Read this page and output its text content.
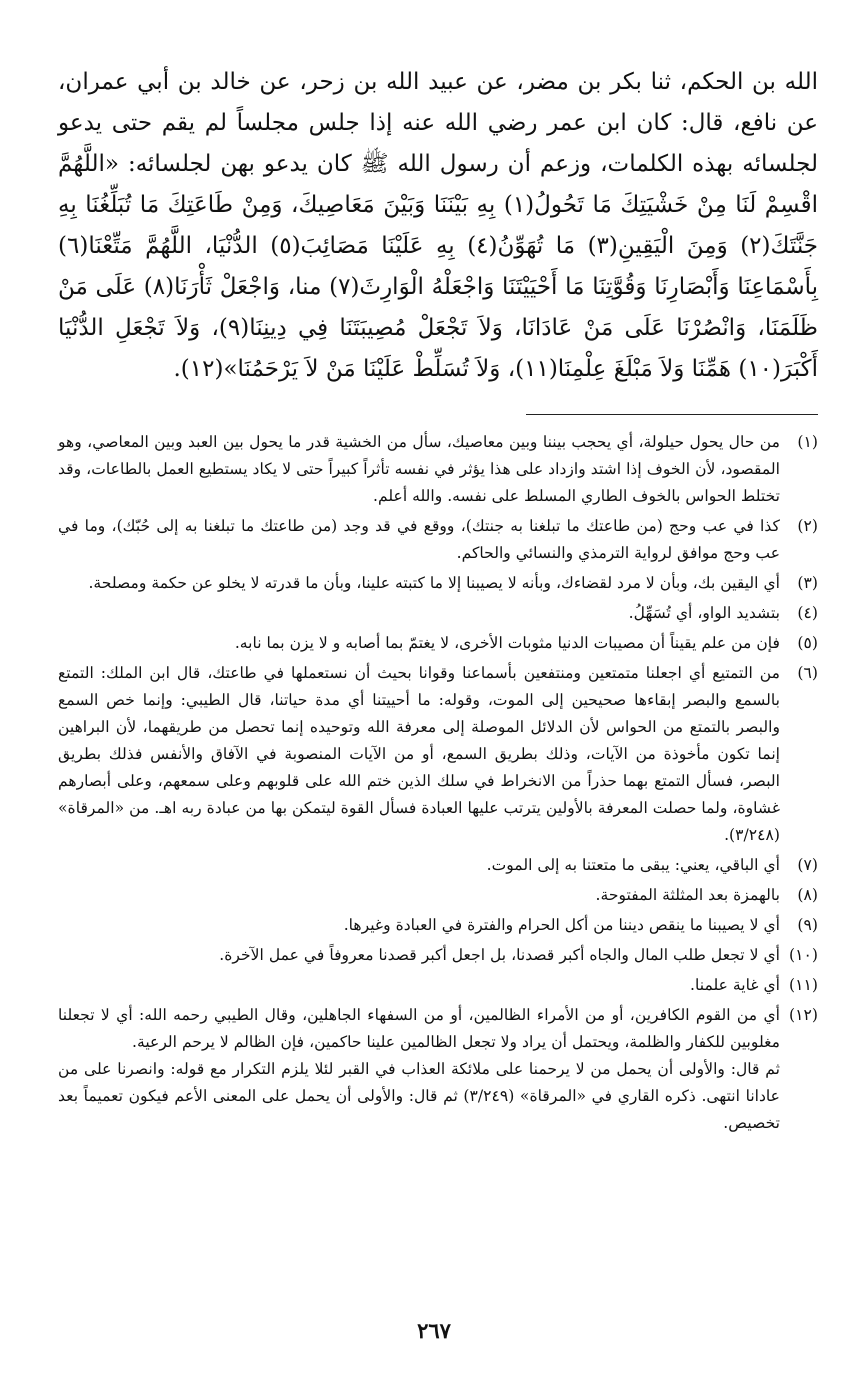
الله بن الحكم، ثنا بكر بن مضر، عن عبيد الله بن زحر، عن خالد بن أبي عمران، عن نافع، قال: كان ابن عمر رضي الله عنه إذا جلس مجلساً لم يقم حتى يدعو لجلسائه بهذه الكلمات، وزعم أن رسول الله ﷺ كان يدعو بهن لجلسائه: «اللَّهُمَّ اقْسِمْ لَنَا مِنْ خَشْيَتِكَ مَا تَحُولُ(١) بِهِ بَيْنَنَا وَبَيْنَ مَعَاصِيكَ، وَمِنْ طَاعَتِكَ مَا تُبَلِّغُنَا بِهِ جَنَّتَكَ(٢) وَمِنَ الْيَقِينِ(٣) مَا تُهَوِّنُ(٤) بِهِ عَلَيْنَا مَصَائِبَ(٥) الدُّنْيَا، اللَّهُمَّ مَتِّعْنَا(٦) بِأَسْمَاعِنَا وَأَبْصَارِنَا وَقُوَّتِنَا مَا أَحْيَيْتَنَا وَاجْعَلْهُ الْوَارِثَ(٧) منا، وَاجْعَلْ ثَأْرَنَا(٨) عَلَى مَنْ ظَلَمَنَا، وَانْصُرْنَا عَلَى مَنْ عَادَانَا، وَلاَ تَجْعَلْ مُصِيبَتَنَا فِي دِينِنَا(٩)، وَلاَ تَجْعَلِ الدُّنْيَا أَكْبَرَ(١٠) هَمِّنَا وَلاَ مَبْلَغَ عِلْمِنَا(١١)، وَلاَ تُسَلِّطْ عَلَيْنَا مَنْ لاَ يَرْحَمُنَا»(١٢).

(١)
من حال يحول حيلولة، أي يحجب بيننا وبين معاصيك، سأل من الخشية قدر ما يحول بين العبد وبين المعاصي، وهو المقصود، لأن الخوف إذا اشتد وازداد على هذا يؤثر في نفسه تأثراً كبيراً حتى لا يكاد يستطيع العمل بالطاعات، وقد تختلط الحواس بالخوف الطاري المسلط على نفسه. والله أعلم.
(٢)
كذا في عب وحج (من طاعتك ما تبلغنا به جنتك)، ووقع في قد وجد (من طاعتك ما تبلغنا به إلى حُبّك)، وما في عب وحج موافق لرواية الترمذي والنسائي والحاكم.
(٣)
أي اليقين بك، وبأن لا مرد لقضاءك، وبأنه لا يصيبنا إلا ما كتبته علينا، وبأن ما قدرته لا يخلو عن حكمة ومصلحة.
(٤)
بتشديد الواو، أي تُسَهِّلُ.
(٥)
فإن من علم يقيناً أن مصيبات الدنيا مثوبات الأخرى، لا يغتمّ بما أصابه و لا يزن بما نابه.
(٦)
من التمتيع أي اجعلنا متمتعين ومنتفعين بأسماعنا وقوانا بحيث أن نستعملها في طاعتك، قال ابن الملك: التمتع بالسمع والبصر إبقاءها صحيحين إلى الموت، وقوله: ما أحييتنا أي مدة حياتنا، قال الطيبي: وإنما خص السمع والبصر بالتمتع من الحواس لأن الدلائل الموصلة إلى معرفة الله وتوحيده إنما تحصل من طريقهما، لأن البراهين إنما تكون مأخوذة من الآيات، وذلك بطريق السمع، أو من الآيات المنصوبة في الآفاق والأنفس فذلك بطريق البصر، فسأل التمتع بهما حذراً من الانخراط في سلك الذين ختم الله على قلوبهم وعلى سمعهم، وعلى أبصارهم غشاوة، ولما حصلت المعرفة بالأولين يترتب عليها العبادة فسأل القوة ليتمكن بها من عبادة ربه اهـ. من «المرقاة» (٣/٢٤٨).
(٧)
أي الباقي، يعني: يبقى ما متعتنا به إلى الموت.
(٨)
بالهمزة بعد المثلثة المفتوحة.
(٩)
أي لا يصيبنا ما ينقص ديننا من أكل الحرام والفترة في العبادة وغيرها.
(١٠)
أي لا تجعل طلب المال والجاه أكبر قصدنا، بل اجعل أكبر قصدنا معروفاً في عمل الآخرة.
(١١)
أي غاية علمنا.
(١٢)
أي من القوم الكافرين، أو من الأمراء الظالمين، أو من السفهاء الجاهلين، وقال الطيبي رحمه الله: أي لا تجعلنا مغلوبين للكفار والظلمة، ويحتمل أن يراد ولا تجعل الظالمين علينا حاكمين، فإن الظالم لا يرحم الرعية.
ثم قال: والأولى أن يحمل من لا يرحمنا على ملائكة العذاب في القبر لئلا يلزم التكرار مع قوله: وانصرنا على من عادانا انتهى. ذكره القاري في «المرقاة» (٣/٢٤٩) ثم قال: والأولى أن يحمل على المعنى الأعم فيكون تعميماً بعد تخصيص.
٢٦٧
